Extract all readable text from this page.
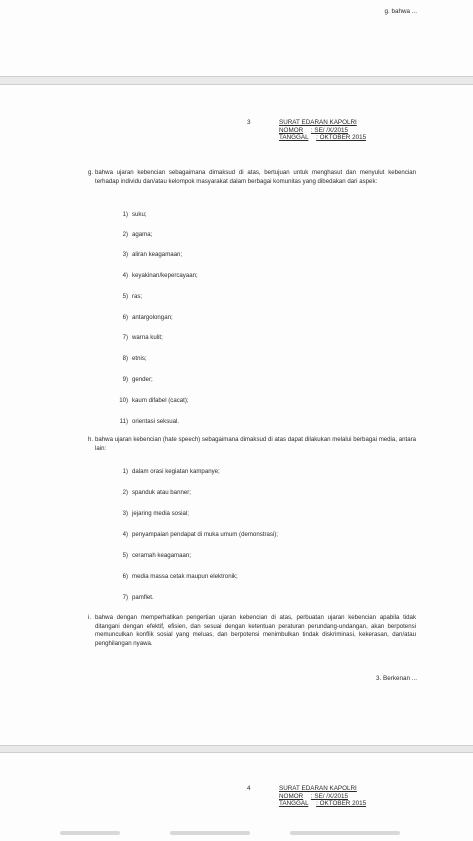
g. bahwa ...
3	SURAT EDARAN KAPOLRI
NOMOR : SE/ /X/2015
TANGGAL : OKTOBER 2015
g. bahwa ujaran kebencian sebagaimana dimaksud di atas, bertujuan untuk menghasut dan menyulut kebencian terhadap individu dan/atau kelompok masyarakat dalam berbagai komunitas yang dibedakan dari aspek:

1) suku;
2) agama;
3) aliran keagamaan;
4) keyakinan/kepercayaan;
5) ras;
6) antargolongan;
7) warna kulit;
8) etnis;
9) gender;
10) kaum difabel (cacat);
11) orientasi seksual.
h. bahwa ujaran kebencian (hate speech) sebagaimana dimaksud di atas dapat dilakukan melalui berbagai media, antara lain:

1) dalam orasi kegiatan kampanye;
2) spanduk atau banner;
3) jejaring media sosial;
4) penyampaian pendapat di muka umum (demonstrasi);
5) ceramah keagamaan;
6) media massa cetak maupun elektronik;
7) pamflet.
i. bahwa dengan memperhatikan pengertian ujaran kebencian di atas, perbuatan ujaran kebencian apabila tidak ditangani dengan efektif, efisien, dan sesuai dengan ketentuan peraturan perundang-undangan, akan berpotensi memunculkan konflik sosial yang meluas, dan berpotensi menimbulkan tindak diskriminasi, kekerasan, dan/atau penghilangan nyawa.

3. Berkenan ...
4	SURAT EDARAN KAPOLRI
NOMOR : SE/ /X/2015
TANGGAL : OKTOBER 2015
